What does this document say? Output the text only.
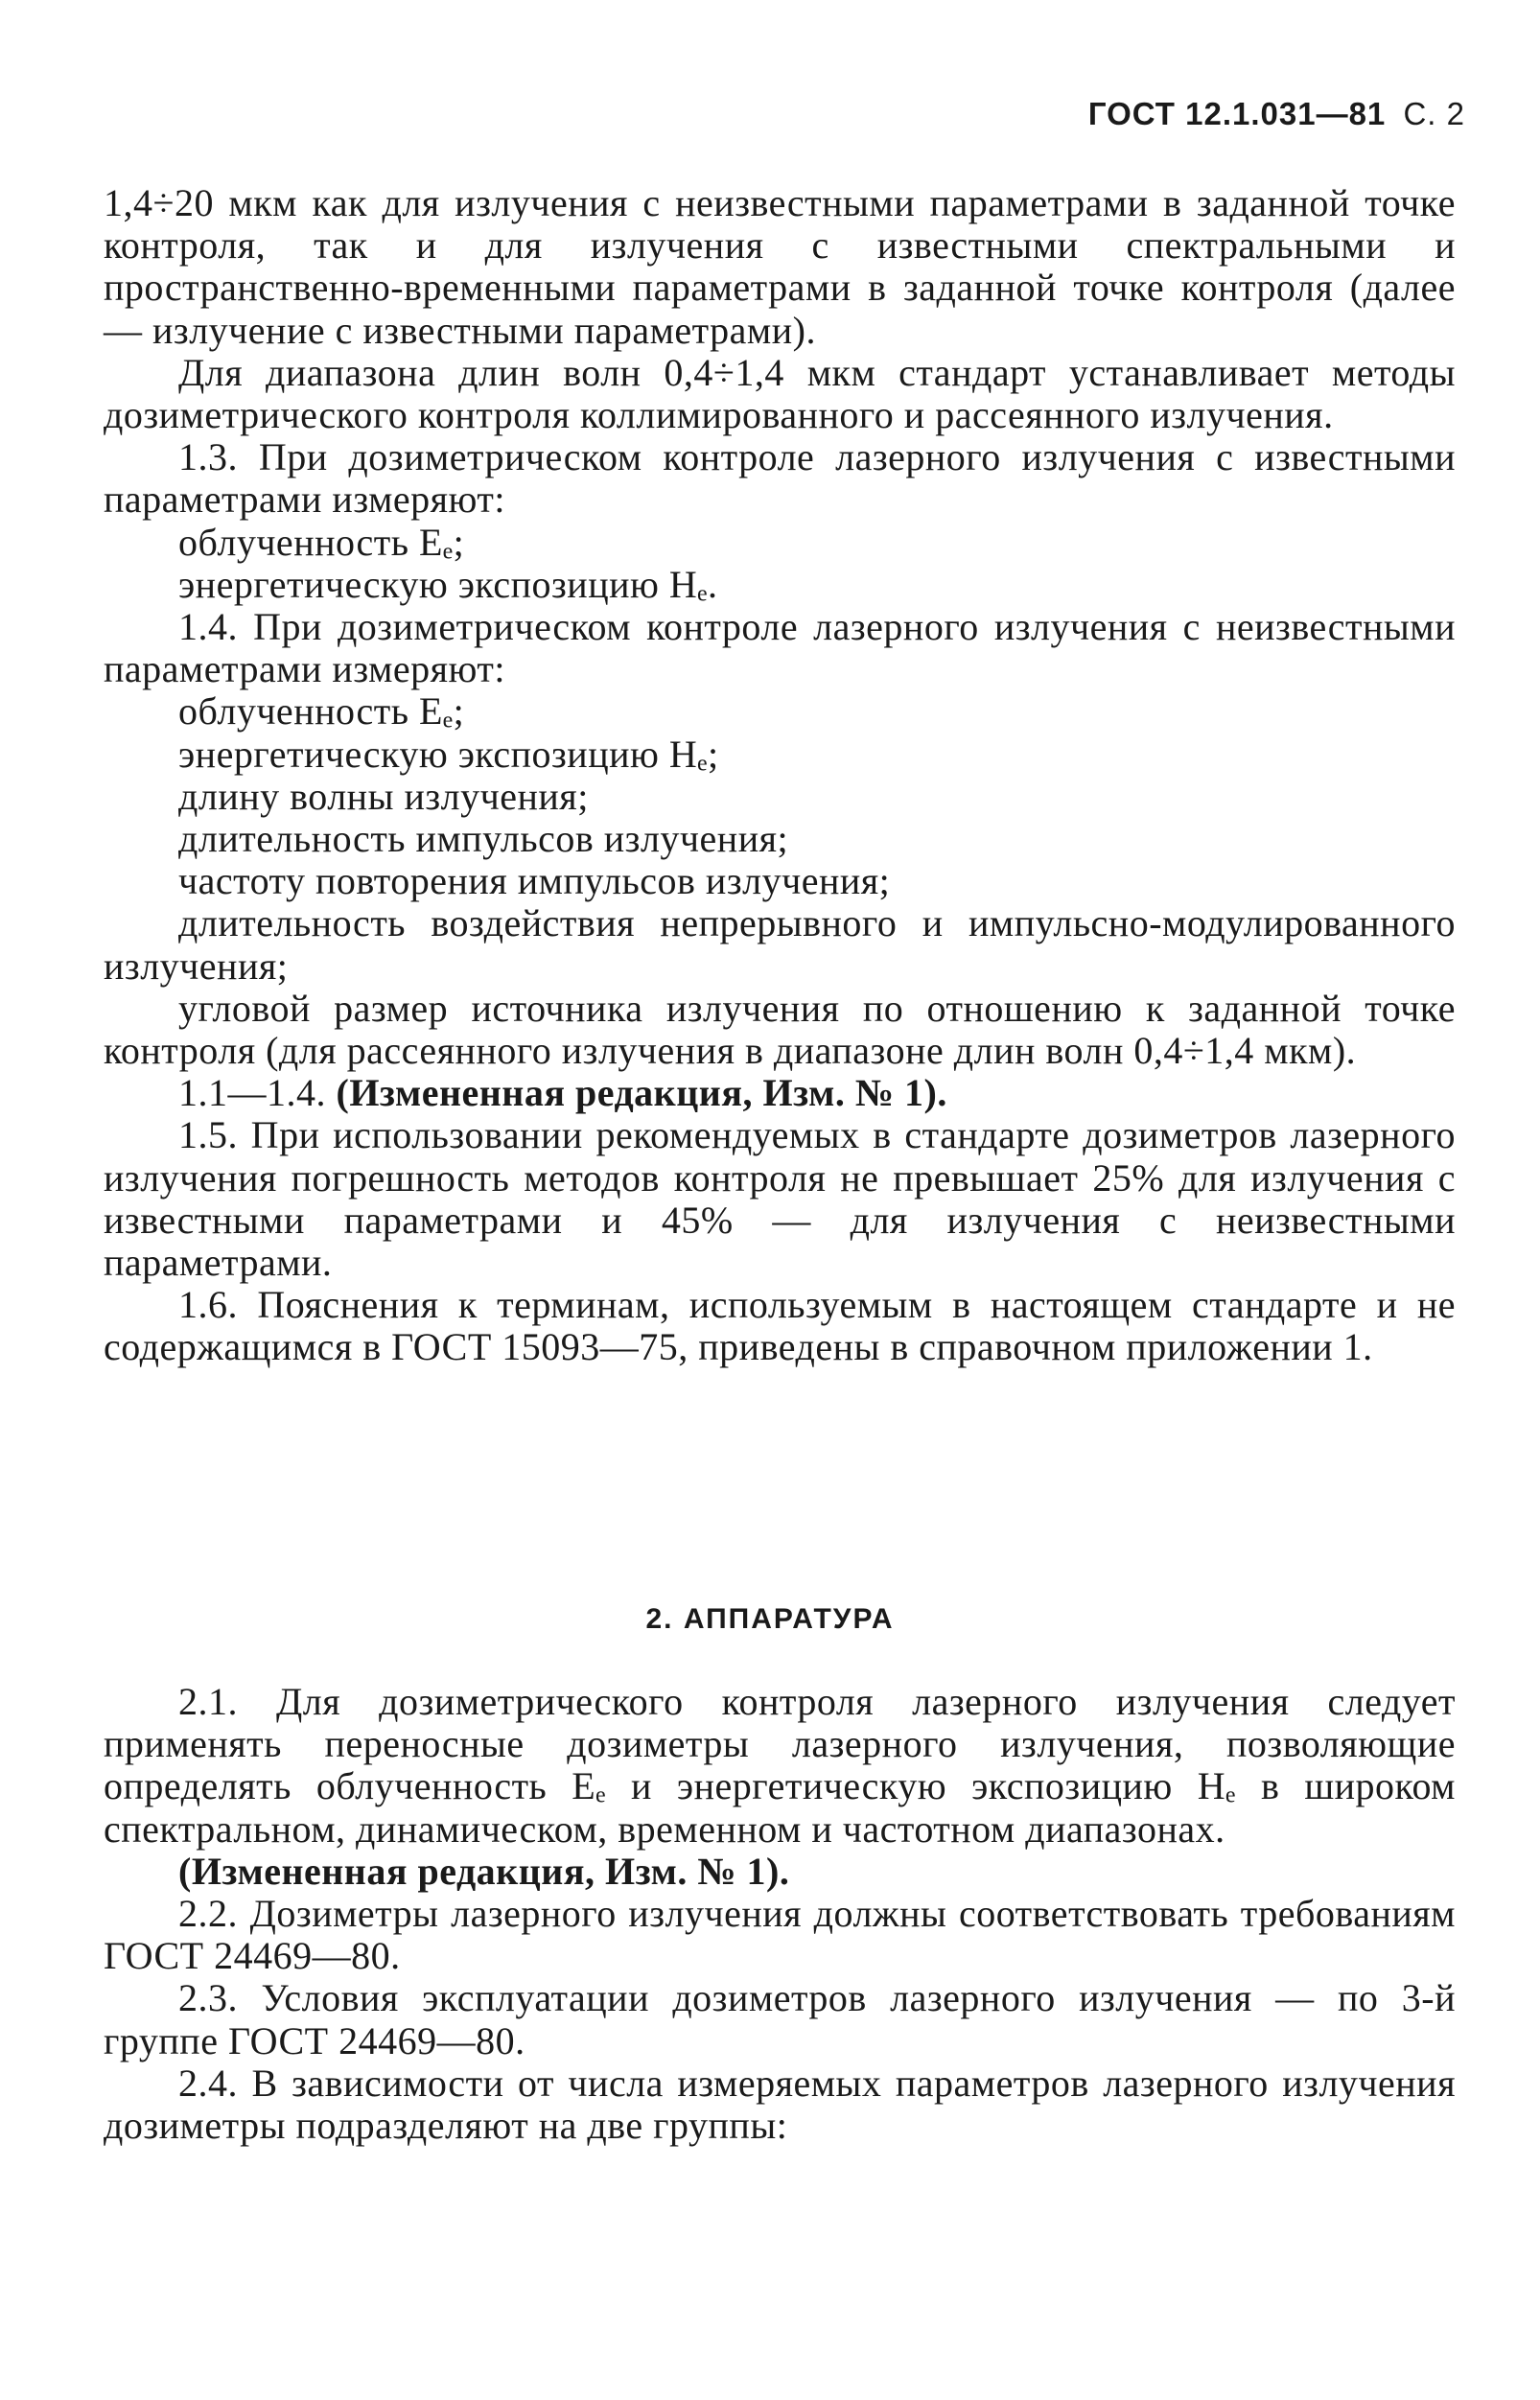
ГОСТ 12.1.031—81 С. 2

1,4÷20 мкм как для излучения с неизвестными параметрами в заданной точке контроля, так и для излучения с известными спектральными и пространственно-временными параметрами в заданной точке контроля (далее — излучение с известными параметрами).

Для диапазона длин волн 0,4÷1,4 мкм стандарт устанавливает методы дозиметрического контроля коллимированного и рассеянного излучения.

1.3. При дозиметрическом контроле лазерного излучения с известными параметрами измеряют:

облученность Eₑ;

энергетическую экспозицию Hₑ.

1.4. При дозиметрическом контроле лазерного излучения с неизвестными параметрами измеряют:

облученность Eₑ;

энергетическую экспозицию Hₑ;

длину волны излучения;

длительность импульсов излучения;

частоту повторения импульсов излучения;

длительность воздействия непрерывного и импульсно-модулированного излучения;

угловой размер источника излучения по отношению к заданной точке контроля (для рассеянного излучения в диапазоне длин волн 0,4÷1,4 мкм).

1.1—1.4. (Измененная редакция, Изм. № 1).

1.5. При использовании рекомендуемых в стандарте дозиметров лазерного излучения погрешность методов контроля не превышает 25% для излучения с известными параметрами и 45% — для излучения с неизвестными параметрами.

1.6. Пояснения к терминам, используемым в настоящем стандарте и не содержащимся в ГОСТ 15093—75, приведены в справочном приложении 1.

2. АППАРАТУРА

2.1. Для дозиметрического контроля лазерного излучения следует применять переносные дозиметры лазерного излучения, позволяющие определять облученность Eₑ и энергетическую экспозицию Hₑ в широком спектральном, динамическом, временном и частотном диапазонах.

(Измененная редакция, Изм. № 1).

2.2. Дозиметры лазерного излучения должны соответствовать требованиям ГОСТ 24469—80.

2.3. Условия эксплуатации дозиметров лазерного излучения — по 3-й группе ГОСТ 24469—80.

2.4. В зависимости от числа измеряемых параметров лазерного излучения дозиметры подразделяют на две группы:
